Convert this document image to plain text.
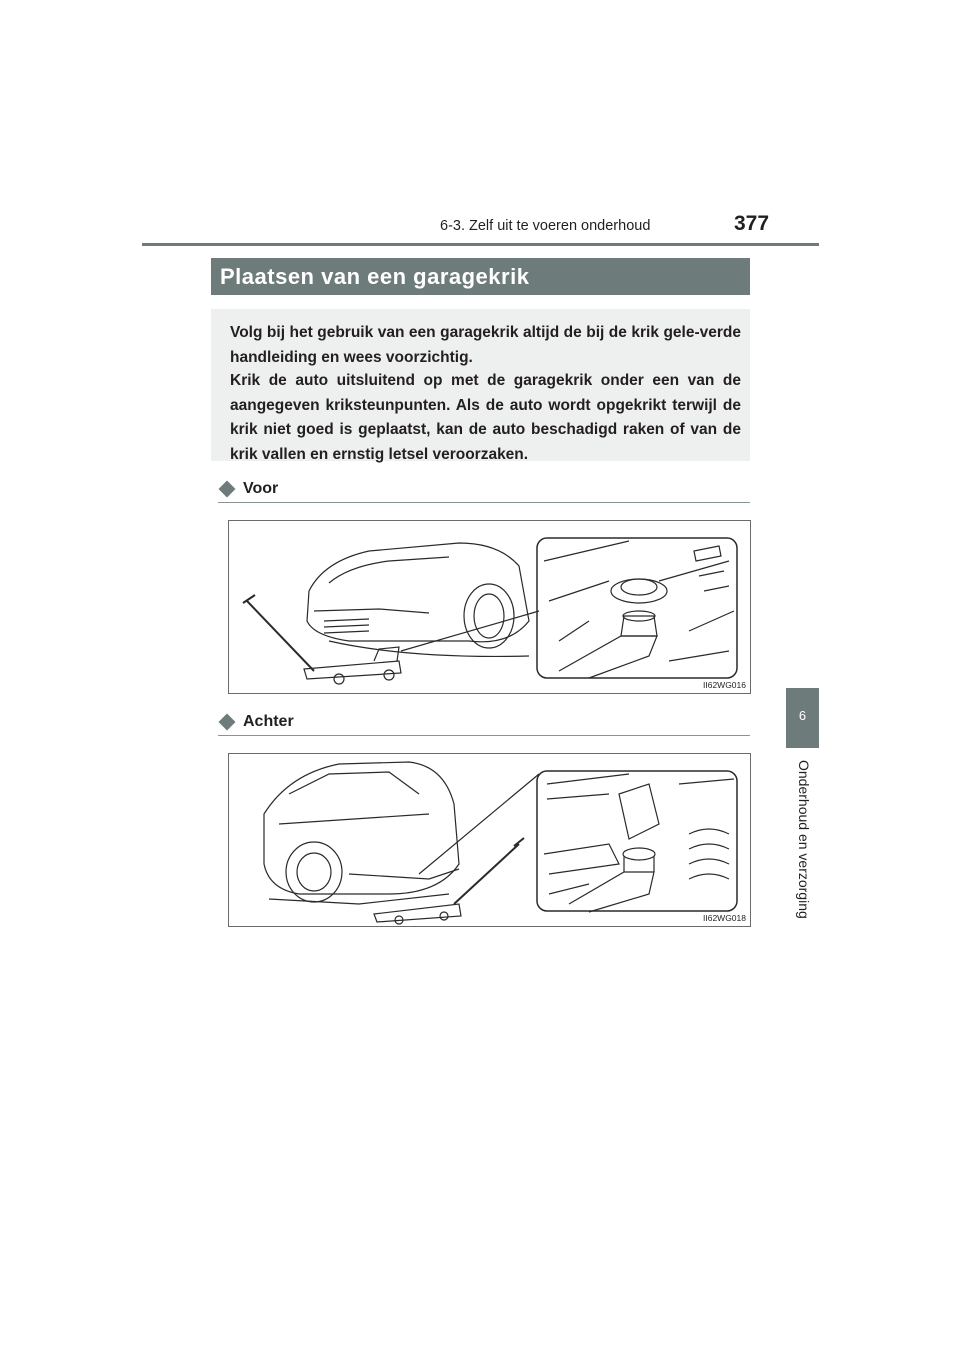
6-3. Zelf uit te voeren onderhoud	377
6
Onderhoud en verzorging
Plaatsen van een garagekrik

Volg bij het gebruik van een garagekrik altijd de bij de krik gele-verde handleiding en wees voorzichtig.

Krik de auto uitsluitend op met de garagekrik onder een van de aangegeven kriksteunpunten. Als de auto wordt opgekrikt terwijl de krik niet goed is geplaatst, kan de auto beschadigd raken of van de krik vallen en ernstig letsel veroorzaken.

Voor
II62WG016
Achter
II62WG018
